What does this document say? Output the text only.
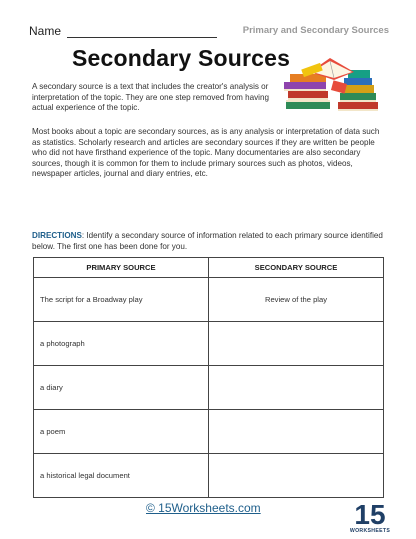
Name	Primary and Secondary Sources
Secondary Sources

A secondary source is a text that includes the creator's analysis or interpretation of the topic. They are one step removed from having actual experience of the topic.

Most books about a topic are secondary sources, as is any analysis or interpretation of data such as statistics. Scholarly research and articles are secondary sources if they are written be people who did not have firsthand experience of the topic. Many documentaries are also secondary sources, though it is common for them to include primary sources such as photos, videos, newspaper articles, journal and diary entries, etc.

DIRECTIONS: Identify a secondary source of information related to each primary source identified below. The first one has been done for you.

PRIMARY SOURCE	SECONDARY SOURCE
The script for a Broadway play	Review of the play
a photograph	
a diary	
a poem	
a historical legal document	
© 15Worksheets.com	15
WORKSHEETS
